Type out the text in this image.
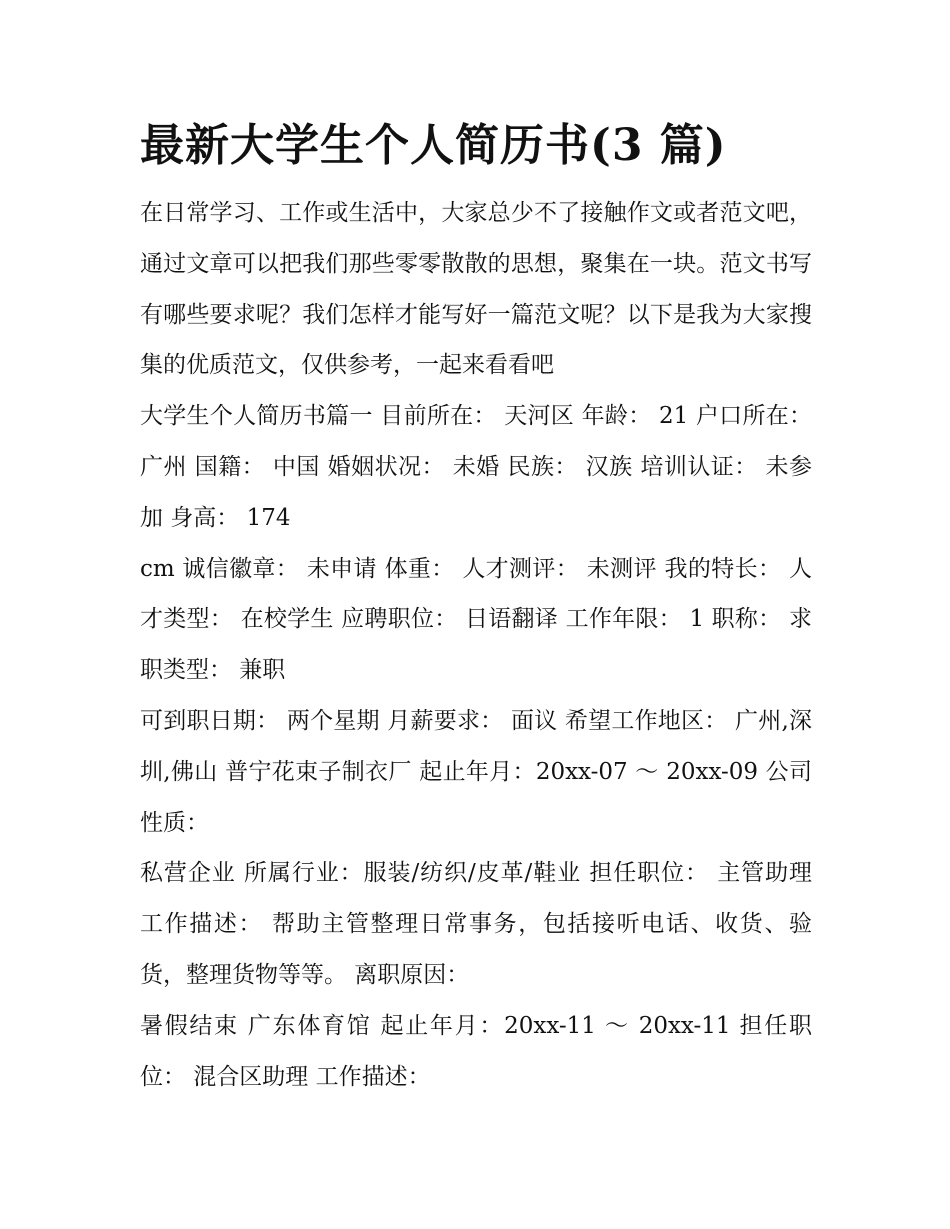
最新大学生个人简历书(3 篇)

在日常学习、工作或生活中，大家总少不了接触作文或者范文吧，通过文章可以把我们那些零零散散的思想，聚集在一块。范文书写有哪些要求呢？我们怎样才能写好一篇范文呢？以下是我为大家搜集的优质范文，仅供参考，一起来看看吧

大学生个人简历书篇一 目前所在： 天河区 年龄： 21 户口所在： 广州 国籍： 中国 婚姻状况： 未婚 民族： 汉族 培训认证： 未参加 身高： 174

cm 诚信徽章： 未申请 体重： 人才测评： 未测评 我的特长： 人才类型： 在校学生 应聘职位： 日语翻译 工作年限： 1 职称： 求职类型： 兼职

可到职日期： 两个星期 月薪要求： 面议 希望工作地区： 广州,深圳,佛山 普宁花束子制衣厂 起止年月：20xx-07 ～ 20xx-09 公司性质：

私营企业 所属行业：服装/纺织/皮革/鞋业 担任职位： 主管助理 工作描述： 帮助主管整理日常事务，包括接听电话、收货、验货，整理货物等等。 离职原因：

暑假结束 广东体育馆 起止年月：20xx-11 ～ 20xx-11 担任职位： 混合区助理 工作描述：
